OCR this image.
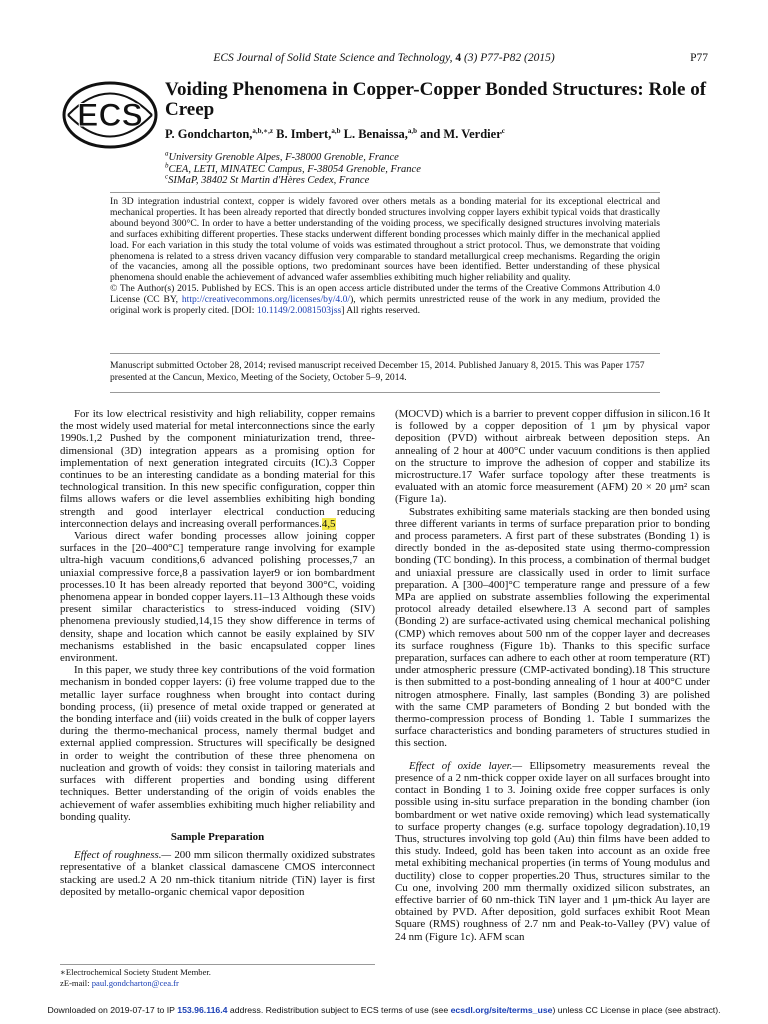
ECS Journal of Solid State Science and Technology, 4 (3) P77-P82 (2015)	P77
ECS
Voiding Phenomena in Copper-Copper Bonded Structures: Role of Creep
P. Gondcharton,$^{a,b,∗,z}$ B. Imbert,$^{a,b}$ L. Benaissa,$^{a,b}$ and M. Verdier$^c$
$^a$University Grenoble Alpes, F-38000 Grenoble, France
$^b$CEA, LETI, MINATEC Campus, F-38054 Grenoble, France
$^c$SIMaP, 38402 St Martin d'Hères Cedex, France
In 3D integration industrial context, copper is widely favored over others metals as a bonding material for its exceptional electrical and mechanical properties. It has been already reported that directly bonded structures involving copper layers exhibit typical voids that drastically abound beyond 300°C. In order to have a better understanding of the voiding process, we specifically designed structures involving materials and surfaces exhibiting different properties. These stacks underwent different bonding processes which mainly differ in the mechanical applied load. For each variation in this study the total volume of voids was estimated throughout a strict protocol. Thus, we demonstrate that voiding phenomena is related to a stress driven vacancy diffusion very comparable to standard metallurgical creep mechanisms. Regarding the origin of the vacancies, among all the possible options, two predominant sources have been identified. Better understanding of these physical phenomena should enable the achievement of advanced wafer assemblies exhibiting much higher reliability and quality.
© The Author(s) 2015. Published by ECS. This is an open access article distributed under the terms of the Creative Commons Attribution 4.0 License (CC BY, http://creativecommons.org/licenses/by/4.0/), which permits unrestricted reuse of the work in any medium, provided the original work is properly cited. [DOI: 10.1149/2.0081503jss] All rights reserved.
Manuscript submitted October 28, 2014; revised manuscript received December 15, 2014. Published January 8, 2015. This was Paper 1757 presented at the Cancun, Mexico, Meeting of the Society, October 5–9, 2014.

For its low electrical resistivity and high reliability, copper remains the most widely used material for metal interconnections since the early 1990s.1,2 Pushed by the component miniaturization trend, three-dimensional (3D) integration appears as a promising option for implementation of next generation integrated circuits (IC).3 Copper continues to be an interesting candidate as a bonding material for this technological transition. In this new specific configuration, copper thin films allows wafers or die level assemblies exhibiting high bonding strength and good interlayer electrical conduction reducing interconnection delays and increasing overall performances.4,5

Various direct wafer bonding processes allow joining copper surfaces in the [20–400°C] temperature range involving for example ultra-high vacuum conditions,6 advanced polishing processes,7 an uniaxial compressive force,8 a passivation layer9 or ion bombardment processes.10 It has been already reported that beyond 300°C, voiding phenomena appear in bonded copper layers.11–13 Although these voids present similar characteristics to stress-induced voiding (SIV) phenomena previously studied,14,15 they show difference in terms of density, shape and location which cannot be easily explained by SIV mechanisms established in the basic encapsulated copper lines environment.

In this paper, we study three key contributions of the void formation mechanism in bonded copper layers: (i) free volume trapped due to the metallic layer surface roughness when brought into contact during bonding process, (ii) presence of metal oxide trapped or generated at the bonding interface and (iii) voids created in the bulk of copper layers during the thermo-mechanical process, namely thermal budget and external applied compression. Structures will specifically be designed in order to weight the contribution of these three phenomena on nucleation and growth of voids: they consist in tailoring materials and surfaces with different properties and bonding using different techniques. Better understanding of the origin of voids enables the achievement of wafer assemblies exhibiting much higher reliability and bonding quality.

Sample Preparation

Effect of roughness.— 200 mm silicon thermally oxidized substrates representative of a blanket classical damascene CMOS interconnect stacking are used.2 A 20 nm-thick titanium nitride (TiN) layer is first deposited by metallo-organic chemical vapor deposition

(MOCVD) which is a barrier to prevent copper diffusion in silicon.16 It is followed by a copper deposition of 1 μm by physical vapor deposition (PVD) without airbreak between deposition steps. An annealing of 2 hour at 400°C under vacuum conditions is then applied on the structure to improve the adhesion of copper and stabilize its microstructure.17 Wafer surface topology after these treatments is evaluated with an atomic force measurement (AFM) 20 × 20 μm² scan (Figure 1a).

Substrates exhibiting same materials stacking are then bonded using three different variants in terms of surface preparation prior to bonding and process parameters. A first part of these substrates (Bonding 1) is directly bonded in the as-deposited state using thermo-compression bonding (TC bonding). In this process, a combination of thermal budget and uniaxial pressure are classically used in order to limit surface preparation. A [300–400]°C temperature range and pressure of a few MPa are applied on substrate assemblies following the experimental protocol already detailed elsewhere.13 A second part of samples (Bonding 2) are surface-activated using chemical mechanical polishing (CMP) which removes about 500 nm of the copper layer and decreases its surface roughness (Figure 1b). Thanks to this specific surface preparation, surfaces can adhere to each other at room temperature (RT) under atmospheric pressure (CMP-activated bonding).18 This structure is then submitted to a post-bonding annealing of 1 hour at 400°C under nitrogen atmosphere. Finally, last samples (Bonding 3) are polished with the same CMP parameters of Bonding 2 but bonded with the thermo-compression process of Bonding 1. Table I summarizes the surface characteristics and bonding parameters of structures studied in this section.

Effect of oxide layer.— Ellipsometry measurements reveal the presence of a 2 nm-thick copper oxide layer on all surfaces brought into contact in Bonding 1 to 3. Joining oxide free copper surfaces is only possible using in-situ surface preparation in the bonding chamber (ion bombardment or wet native oxide removing) which lead systematically to surface property changes (e.g. surface topology degradation).10,19 Thus, structures involving top gold (Au) thin films have been added to this study. Indeed, gold has been taken into account as an oxide free metal exhibiting mechanical properties (in terms of Young modulus and ductility) close to copper properties.20 Thus, structures similar to the Cu one, involving 200 mm thermally oxidized silicon substrates, an effective barrier of 60 nm-thick TiN layer and 1 μm-thick Au layer are obtained by PVD. After deposition, gold surfaces exhibit Root Mean Square (RMS) roughness of 2.7 nm and Peak-to-Valley (PV) value of 24 nm (Figure 1c). AFM scan

∗Electrochemical Society Student Member.
zE-mail: paul.gondcharton@cea.fr
Downloaded on 2019-07-17 to IP 153.96.116.4 address. Redistribution subject to ECS terms of use (see ecsdl.org/site/terms_use) unless CC License in place (see abstract).
